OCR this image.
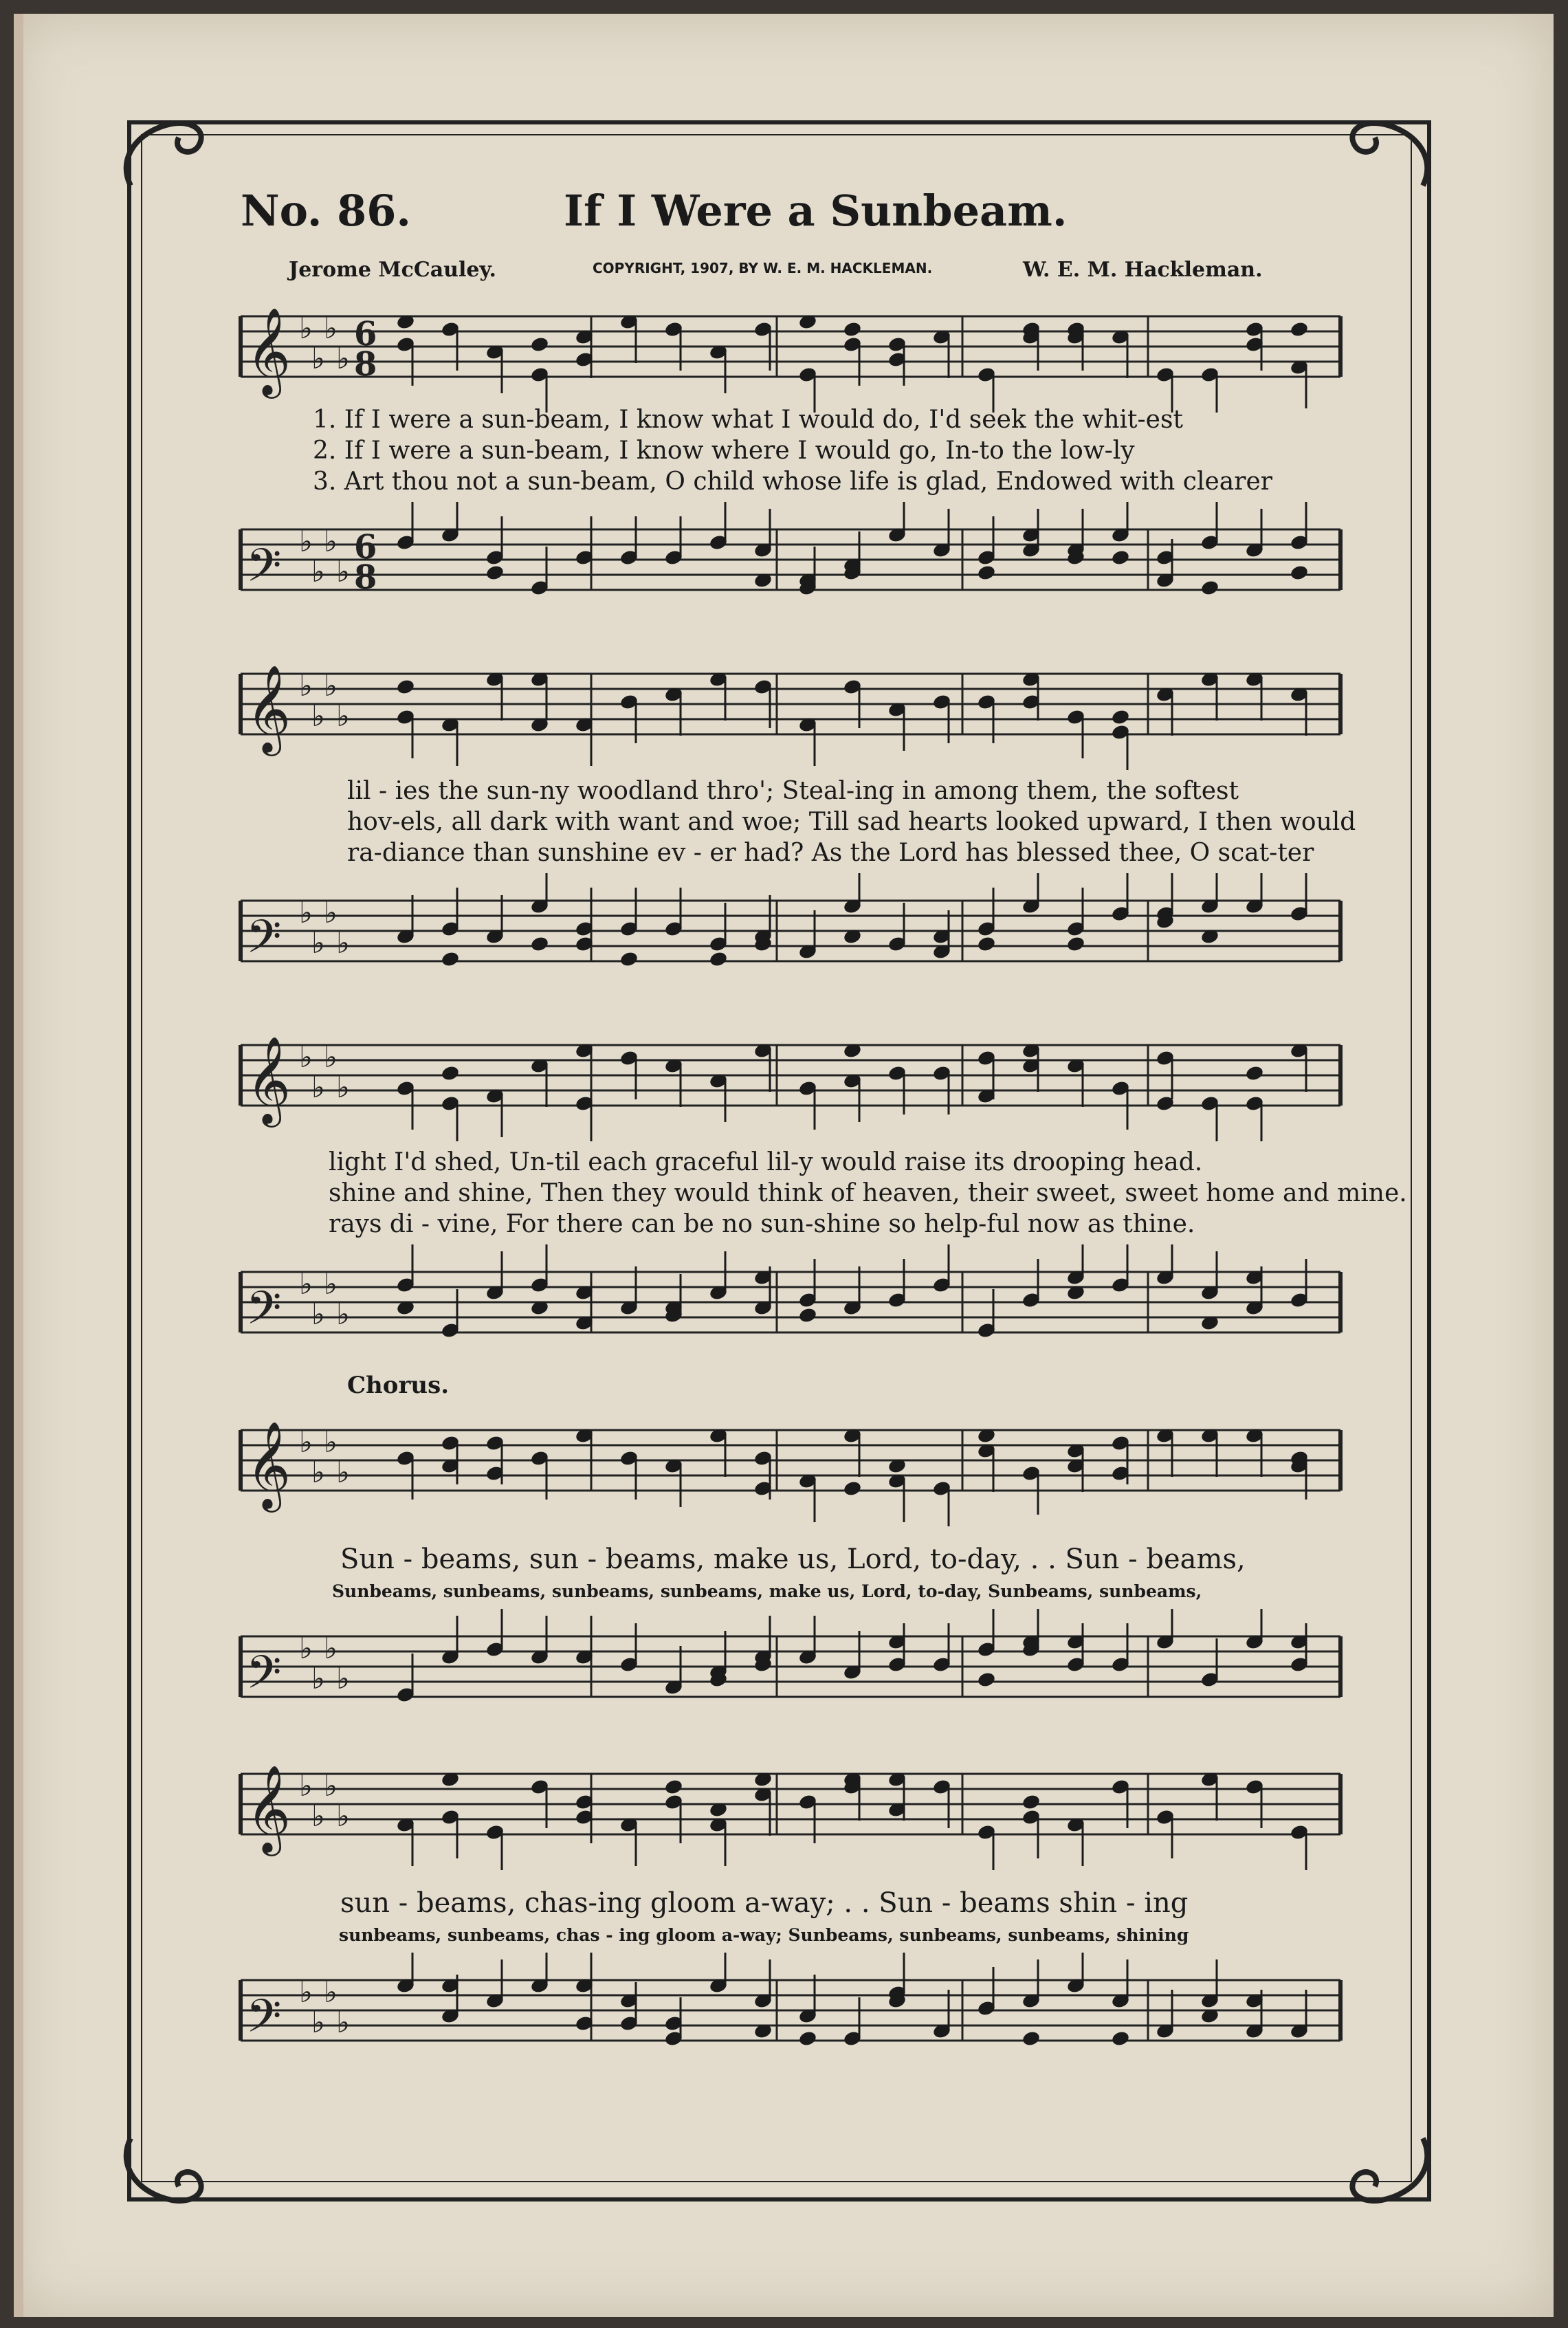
No. 86.	If I Were a Sunbeam.
Jerome McCauley.	COPYRIGHT, 1907, BY W. E. M. HACKLEMAN.	W. E. M. Hackleman.
𝄞 ♭
♭
♭
♭
6
8
1. If I were a sun-beam, I know what I would do, I'd seek the whit-est
2. If I were a sun-beam, I know where I would go, In-to the low-ly
3. Art thou not a sun-beam, O child whose life is glad, Endowed with clearer
𝄢 ♭
♭
♭
♭
6
8
𝄞 ♭
♭
♭
♭
lil - ies the sun-ny woodland thro'; Steal-ing in among them, the softest
hov-els, all dark with want and woe; Till sad hearts looked upward, I then would
ra-diance than sunshine ev - er had? As the Lord has blessed thee, O scat-ter
𝄢 ♭
♭
♭
♭
𝄞 ♭
♭
♭
♭
light I'd shed, Un-til each graceful lil-y would raise its drooping head.
shine and shine, Then they would think of heaven, their sweet, sweet home and mine.
rays di - vine, For there can be no sun-shine so help-ful now as thine.
𝄢 ♭
♭
♭
♭
Chorus.
𝄞 ♭
♭
♭
♭
Sun - beams, sun - beams, make us, Lord, to-day, . . Sun - beams,
Sunbeams, sunbeams, sunbeams, sunbeams, make us, Lord, to-day, Sunbeams, sunbeams,
𝄢 ♭
♭
♭
♭
𝄞 ♭
♭
♭
♭
sun - beams, chas-ing gloom a-way; . . Sun - beams shin - ing
sunbeams, sunbeams, chas - ing gloom a-way; Sunbeams, sunbeams, sunbeams, shining
𝄢 ♭
♭
♭
♭
